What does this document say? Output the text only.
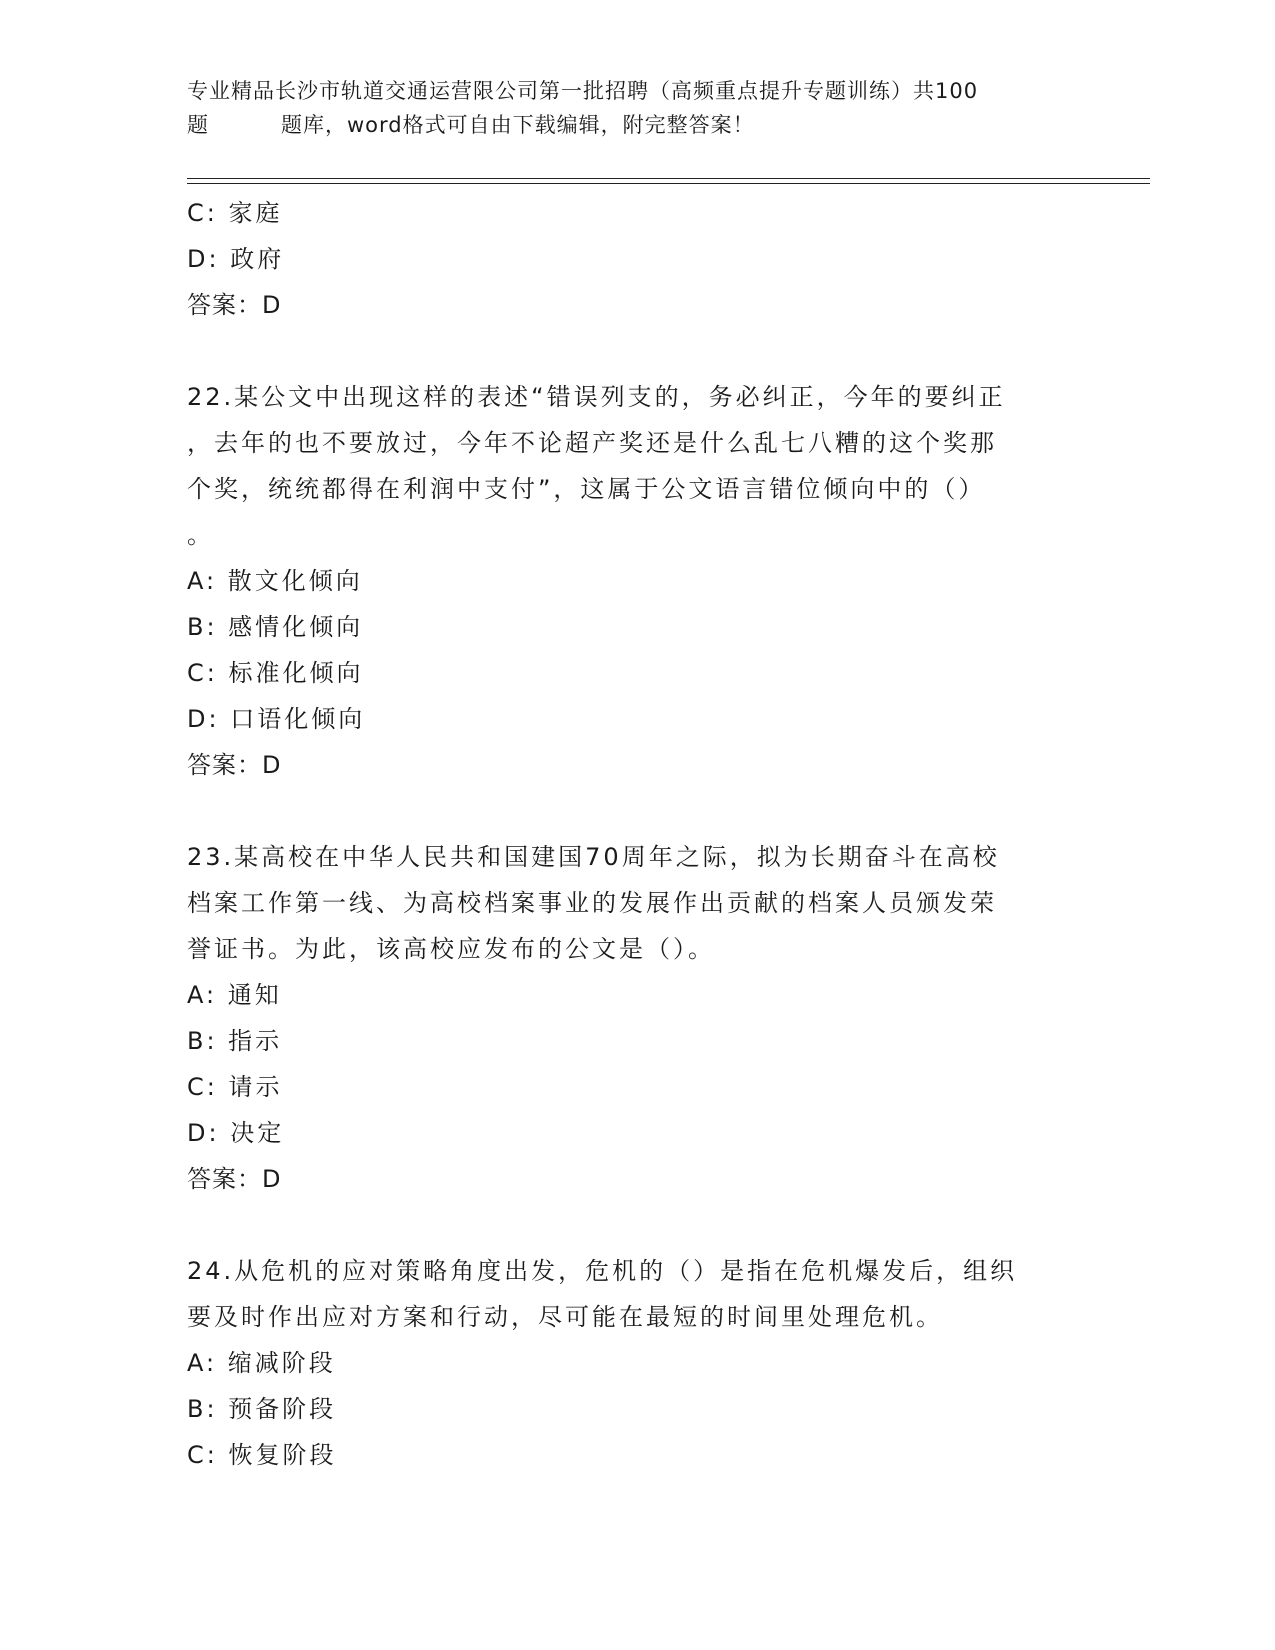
专业精品长沙市轨道交通运营限公司第一批招聘（高频重点提升专题训练）共100
题	题库，word格式可自由下载编辑，附完整答案！
C: 家庭
D: 政府
答案：D
22.某公文中出现这样的表述“错误列支的，务必纠正，今年的要纠正
，去年的也不要放过，今年不论超产奖还是什么乱七八糟的这个奖那
个奖，统统都得在利润中支付”，这属于公文语言错位倾向中的（）
。
A: 散文化倾向
B: 感情化倾向
C: 标准化倾向
D: 口语化倾向
答案：D
23.某高校在中华人民共和国建国70周年之际，拟为长期奋斗在高校
档案工作第一线、为高校档案事业的发展作出贡献的档案人员颁发荣
誉证书。为此，该高校应发布的公文是（）。
A: 通知
B: 指示
C: 请示
D: 决定
答案：D
24.从危机的应对策略角度出发，危机的（）是指在危机爆发后，组织
要及时作出应对方案和行动，尽可能在最短的时间里处理危机。
A: 缩减阶段
B: 预备阶段
C: 恢复阶段
